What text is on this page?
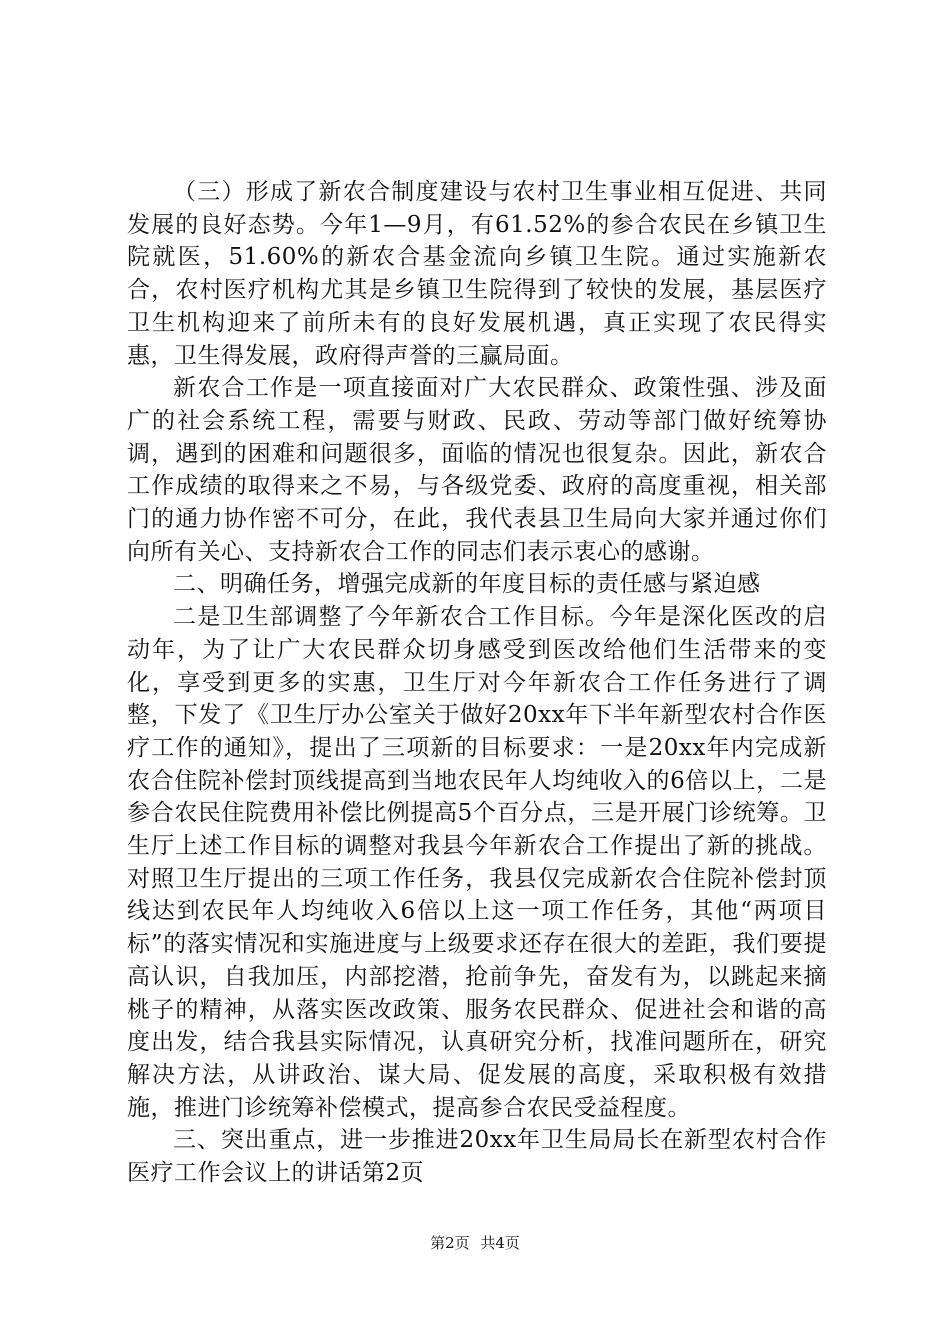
（三）形成了新农合制度建设与农村卫生事业相互促进、共同发展的良好态势。今年1—9月，有61.52%的参合农民在乡镇卫生院就医，51.60%的新农合基金流向乡镇卫生院。通过实施新农合，农村医疗机构尤其是乡镇卫生院得到了较快的发展，基层医疗卫生机构迎来了前所未有的良好发展机遇，真正实现了农民得实惠，卫生得发展，政府得声誉的三赢局面。

新农合工作是一项直接面对广大农民群众、政策性强、涉及面广的社会系统工程，需要与财政、民政、劳动等部门做好统筹协调，遇到的困难和问题很多，面临的情况也很复杂。因此，新农合工作成绩的取得来之不易，与各级党委、政府的高度重视，相关部门的通力协作密不可分，在此，我代表县卫生局向大家并通过你们向所有关心、支持新农合工作的同志们表示衷心的感谢。

二、明确任务，增强完成新的年度目标的责任感与紧迫感

二是卫生部调整了今年新农合工作目标。今年是深化医改的启动年，为了让广大农民群众切身感受到医改给他们生活带来的变化，享受到更多的实惠，卫生厅对今年新农合工作任务进行了调整，下发了《卫生厅办公室关于做好20xx年下半年新型农村合作医疗工作的通知》，提出了三项新的目标要求：一是20xx年内完成新农合住院补偿封顶线提高到当地农民年人均纯收入的6倍以上，二是参合农民住院费用补偿比例提高5个百分点，三是开展门诊统筹。卫生厅上述工作目标的调整对我县今年新农合工作提出了新的挑战。对照卫生厅提出的三项工作任务，我县仅完成新农合住院补偿封顶线达到农民年人均纯收入6倍以上这一项工作任务，其他“两项目标”的落实情况和实施进度与上级要求还存在很大的差距，我们要提高认识，自我加压，内部挖潜，抢前争先，奋发有为，以跳起来摘桃子的精神，从落实医改政策、服务农民群众、促进社会和谐的高度出发，结合我县实际情况，认真研究分析，找准问题所在，研究解决方法，从讲政治、谋大局、促发展的高度，采取积极有效措施，推进门诊统筹补偿模式，提高参合农民受益程度。

三、突出重点，进一步推进20xx年卫生局局长在新型农村合作医疗工作会议上的讲话第2页

第2页 共4页
